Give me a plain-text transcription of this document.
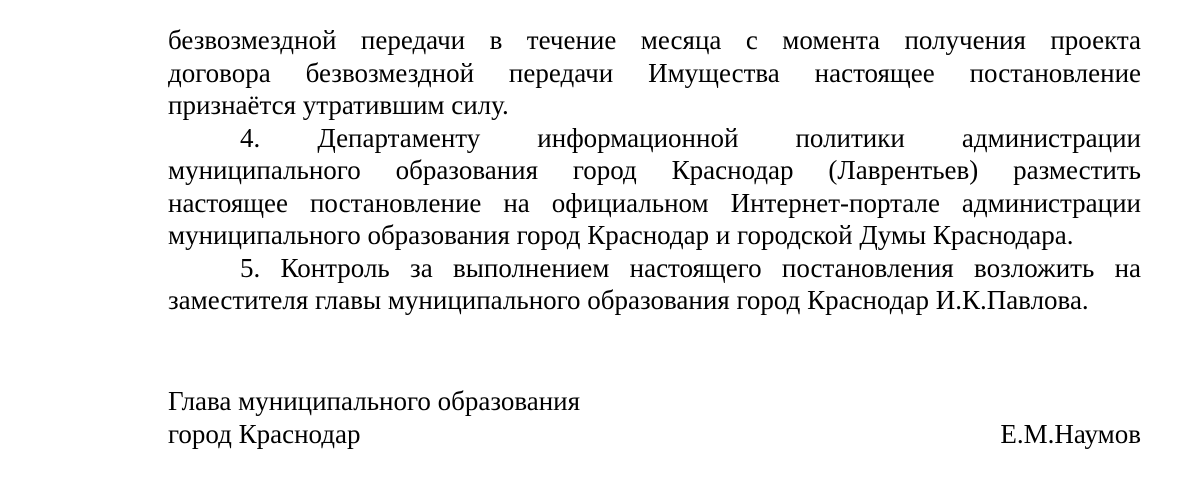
безвозмездной передачи в течение месяца с момента получения проекта
договора безвозмездной передачи Имущества настоящее постановление
признаётся утратившим силу.
4. Департаменту информационной политики администрации
муниципального образования город Краснодар (Лаврентьев) разместить
настоящее постановление на официальном Интернет-портале администрации
муниципального образования город Краснодар и городской Думы Краснодара.
5. Контроль за выполнением настоящего постановления возложить на
заместителя главы муниципального образования город Краснодар И.К.Павлова.
Глава муниципального образования
город Краснодар	Е.М.Наумов
